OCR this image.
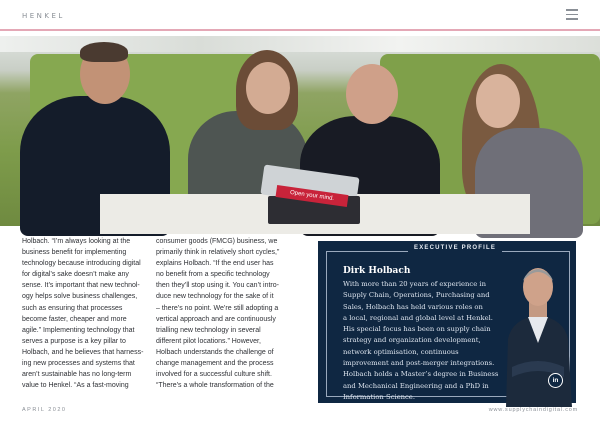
HENKEL
Open your mind.
22	21

Holbach. “I’m always looking at the

business benefit for implementing

technology because introducing digital

for digital’s sake doesn’t make any

sense. It’s important that new technol-

ogy helps solve business challenges,

such as ensuring that processes

become faster, cheaper and more

agile.” Implementing technology that

serves a purpose is a key pillar to

Holbach, and he believes that harness-

ing new processes and systems that

aren’t sustainable has no long-term

value to Henkel. “As a fast-moving

consumer goods (FMCG) business, we

primarily think in relatively short cycles,”

explains Holbach. “If the end user has

no benefit from a specific technology

then they’ll stop using it. You can’t intro-

duce new technology for the sake of it

– there’s no point. We’re still adopting a

vertical approach and are continuously

trialling new technology in several

different pilot locations.” However,

Holbach understands the challenge of

change management and the process

involved for a successful culture shift.

“There’s a whole transformation of the

Dirk Holbach

With more than 20 years of experience in

Supply Chain, Operations, Purchasing and

Sales, Holbach has held various roles on

a local, regional and global level at Henkel.

His special focus has been on supply chain

strategy and organization development,

network optimisation, continuous

improvement and post-merger integrations.

Holbach holds a Master’s degree in Business

and Mechanical Engineering and a PhD in

Information Science.

EXECUTIVE PROFILE
in
APRIL 2020	www.supplychaindigital.com
